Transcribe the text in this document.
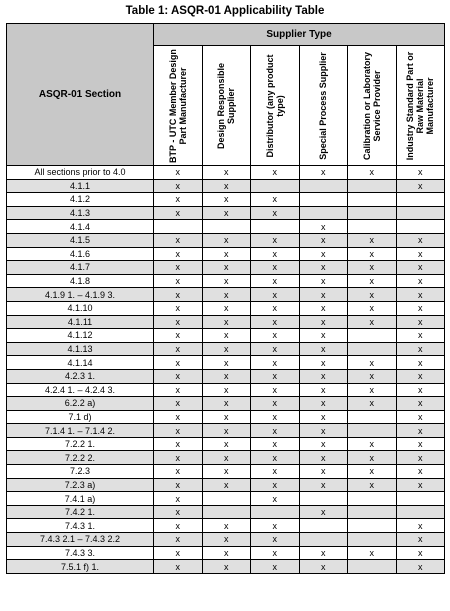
Table 1: ASQR-01 Applicability Table
ASQR-01 Section	Supplier Type					

	BTP - UTC Member Design Part Manufacturer	Design Responsible Supplier	Distributor (any product type)	Special Process Supplier	Calibration or Laboratory Service Provider	Industry Standard Part or Raw Material Manufacturer

All sections prior to 4.0	x	x	x	x	x	x
4.1.1	x	x				x
4.1.2	x	x	x			
4.1.3	x	x	x			
4.1.4				x		
4.1.5	x	x	x	x	x	x
4.1.6	x	x	x	x	x	x
4.1.7	x	x	x	x	x	x
4.1.8	x	x	x	x	x	x
4.1.9 1. – 4.1.9 3.	x	x	x	x	x	x
4.1.10	x	x	x	x	x	x
4.1.11	x	x	x	x	x	x
4.1.12	x	x	x	x		x
4.1.13	x	x	x	x		x
4.1.14	x	x	x	x	x	x
4.2.3 1.	x	x	x	x	x	x
4.2.4 1. – 4.2.4 3.	x	x	x	x	x	x
6.2.2 a)	x	x	x	x	x	x
7.1 d)	x	x	x	x		x
7.1.4 1. – 7.1.4 2.	x	x	x	x		x
7.2.2 1.	x	x	x	x	x	x
7.2.2 2.	x	x	x	x	x	x
7.2.3	x	x	x	x	x	x
7.2.3 a)	x	x	x	x	x	x
7.4.1 a)	x		x			
7.4.2 1.	x			x		
7.4.3 1.	x	x	x			x
7.4.3 2.1 – 7.4.3 2.2	x	x	x			x
7.4.3 3.	x	x	x	x	x	x
7.5.1 f) 1.	x	x	x	x		x
